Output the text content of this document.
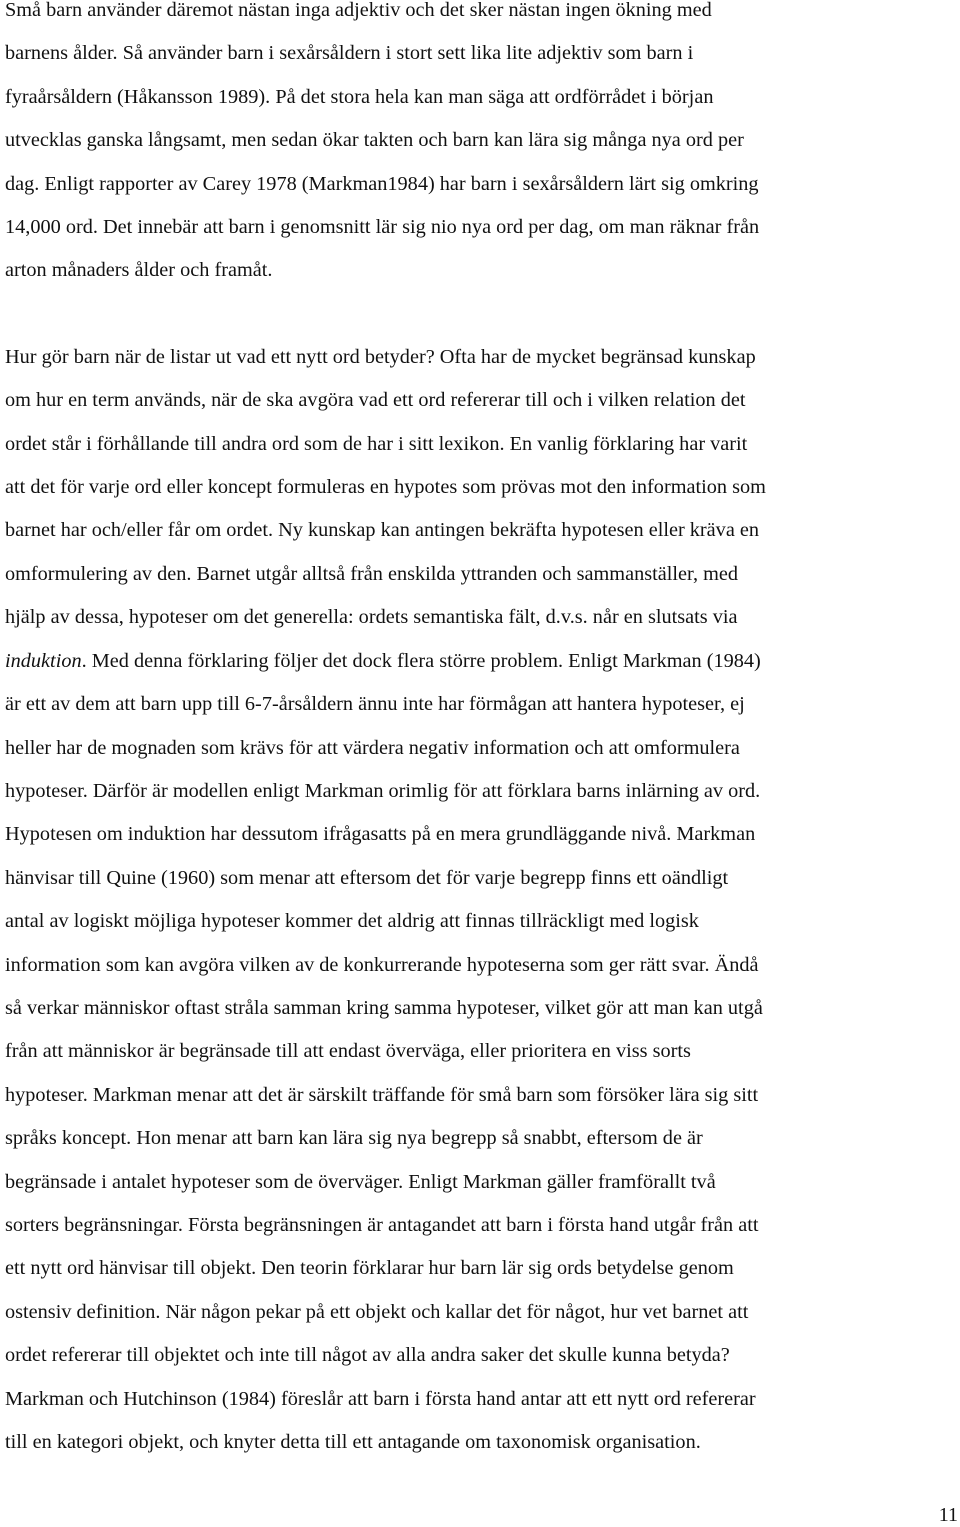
Små barn använder däremot nästan inga adjektiv och det sker nästan ingen ökning med
barnens ålder. Så använder barn i sexårsåldern i stort sett lika lite adjektiv som barn i
fyraårsåldern (Håkansson 1989). På det stora hela kan man säga att ordförrådet i början
utvecklas ganska långsamt, men sedan ökar takten och barn kan lära sig många nya ord per
dag. Enligt rapporter av Carey 1978 (Markman1984) har barn i sexårsåldern lärt sig omkring
14,000 ord. Det innebär att barn i genomsnitt lär sig nio nya ord per dag, om man räknar från
arton månaders ålder och framåt.

Hur gör barn när de listar ut vad ett nytt ord betyder? Ofta har de mycket begränsad kunskap
om hur en term används, när de ska avgöra vad ett ord refererar till och i vilken relation det
ordet står i förhållande till andra ord som de har i sitt lexikon. En vanlig förklaring har varit
att det för varje ord eller koncept formuleras en hypotes som prövas mot den information som
barnet har och/eller får om ordet. Ny kunskap kan antingen bekräfta hypotesen eller kräva en
omformulering av den. Barnet utgår alltså från enskilda yttranden och sammanställer, med
hjälp av dessa, hypoteser om det generella: ordets semantiska fält, d.v.s. når en slutsats via
induktion. Med denna förklaring följer det dock flera större problem. Enligt Markman (1984)
är ett av dem att barn upp till 6-7-årsåldern ännu inte har förmågan att hantera hypoteser, ej
heller har de mognaden som krävs för att värdera negativ information och att omformulera
hypoteser. Därför är modellen enligt Markman orimlig för att förklara barns inlärning av ord.
Hypotesen om induktion har dessutom ifrågasatts på en mera grundläggande nivå. Markman
hänvisar till Quine (1960) som menar att eftersom det för varje begrepp finns ett oändligt
antal av logiskt möjliga hypoteser kommer det aldrig att finnas tillräckligt med logisk
information som kan avgöra vilken av de konkurrerande hypoteserna som ger rätt svar. Ändå
så verkar människor oftast stråla samman kring samma hypoteser, vilket gör att man kan utgå
från att människor är begränsade till att endast överväga, eller prioritera en viss sorts
hypoteser. Markman menar att det är särskilt träffande för små barn som försöker lära sig sitt
språks koncept. Hon menar att barn kan lära sig nya begrepp så snabbt, eftersom de är
begränsade i antalet hypoteser som de överväger. Enligt Markman gäller framförallt två
sorters begränsningar. Första begränsningen är antagandet att barn i första hand utgår från att
ett nytt ord hänvisar till objekt. Den teorin förklarar hur barn lär sig ords betydelse genom
ostensiv definition. När någon pekar på ett objekt och kallar det för något, hur vet barnet att
ordet refererar till objektet och inte till något av alla andra saker det skulle kunna betyda?
Markman och Hutchinson (1984) föreslår att barn i första hand antar att ett nytt ord refererar
till en kategori objekt, och knyter detta till ett antagande om taxonomisk organisation.

11
